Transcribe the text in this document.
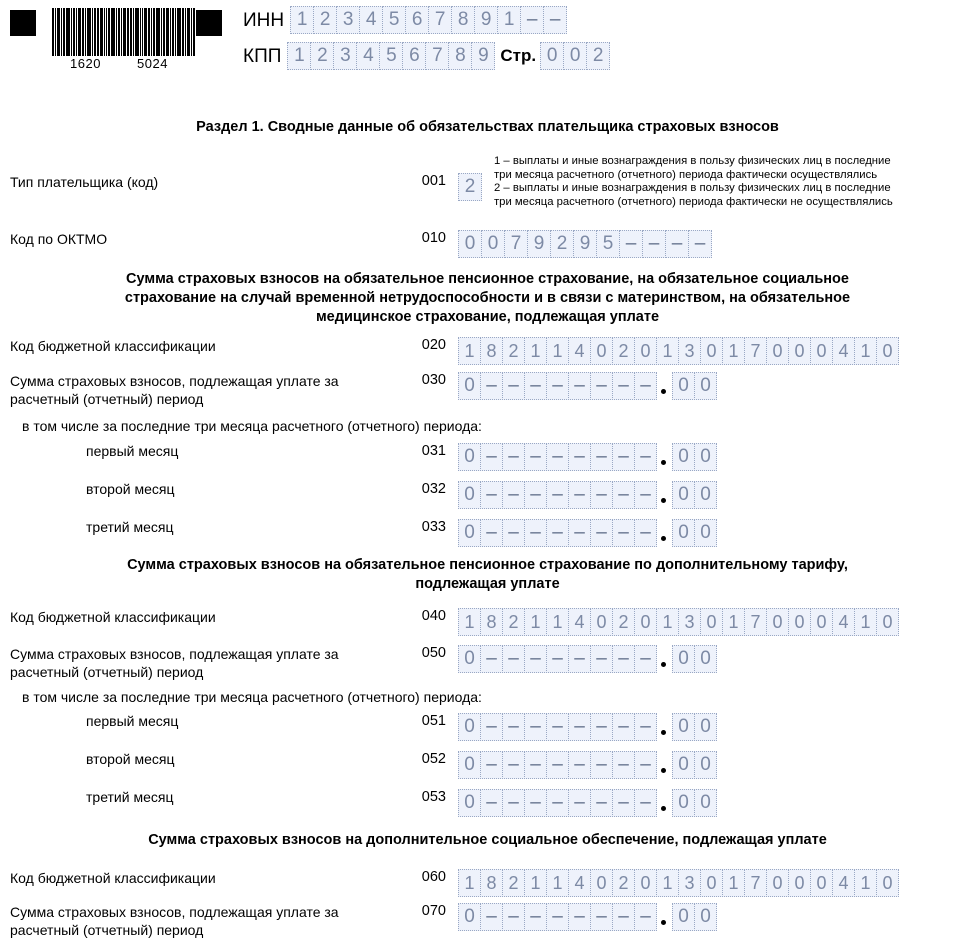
1620	5024
ИНН 1 2 3 4 5 6 7 8 9 1 – –
КПП 1 2 3 4 5 6 7 8 9 Стр. 0 0 2
Раздел 1. Сводные данные об обязательствах плательщика страховых взносов
Тип плательщика (код)	001 2
1 – выплаты и иные вознаграждения в пользу физических лиц в последние
три месяца расчетного (отчетного) периода фактически осуществлялись
2 – выплаты и иные вознаграждения в пользу физических лиц в последние
три месяца расчетного (отчетного) периода фактически не осуществлялись
Код по ОКТМО	010 0 0 7 9 2 9 5 – – – –
Сумма страховых взносов на обязательное пенсионное страхование, на обязательное социальное
страхование на случай временной нетрудоспособности и в связи с материнством, на обязательное
медицинское страхование, подлежащая уплате
Код бюджетной классификации	020	1 8 2 1 1 4 0 2 0 1 3 0 1 7 0 0 0 4 1 0
Сумма страховых взносов, подлежащая уплате за
расчетный (отчетный) период
030 0 – – – – – – – –	0 0
в том числе за последние три месяца расчетного (отчетного) периода:
первый месяц	031 0 – – – – – – – –	0 0
второй месяц	032 0 – – – – – – – –	0 0
третий месяц	033 0 – – – – – – – –	0 0
Сумма страховых взносов на обязательное пенсионное страхование по дополнительному тарифу,
подлежащая уплате
Код бюджетной классификации	040	1 8 2 1 1 4 0 2 0 1 3 0 1 7 0 0 0 4 1 0
Сумма страховых взносов, подлежащая уплате за
расчетный (отчетный) период
050 0 – – – – – – – –	0 0
в том числе за последние три месяца расчетного (отчетного) периода:
первый месяц	051 0 – – – – – – – –	0 0
второй месяц	052 0 – – – – – – – –	0 0
третий месяц	053 0 – – – – – – – –	0 0
Сумма страховых взносов на дополнительное социальное обеспечение, подлежащая уплате
Код бюджетной классификации	060	1 8 2 1 1 4 0 2 0 1 3 0 1 7 0 0 0 4 1 0
Сумма страховых взносов, подлежащая уплате за
расчетный (отчетный) период
070 0 – – – – – – – –	0 0
